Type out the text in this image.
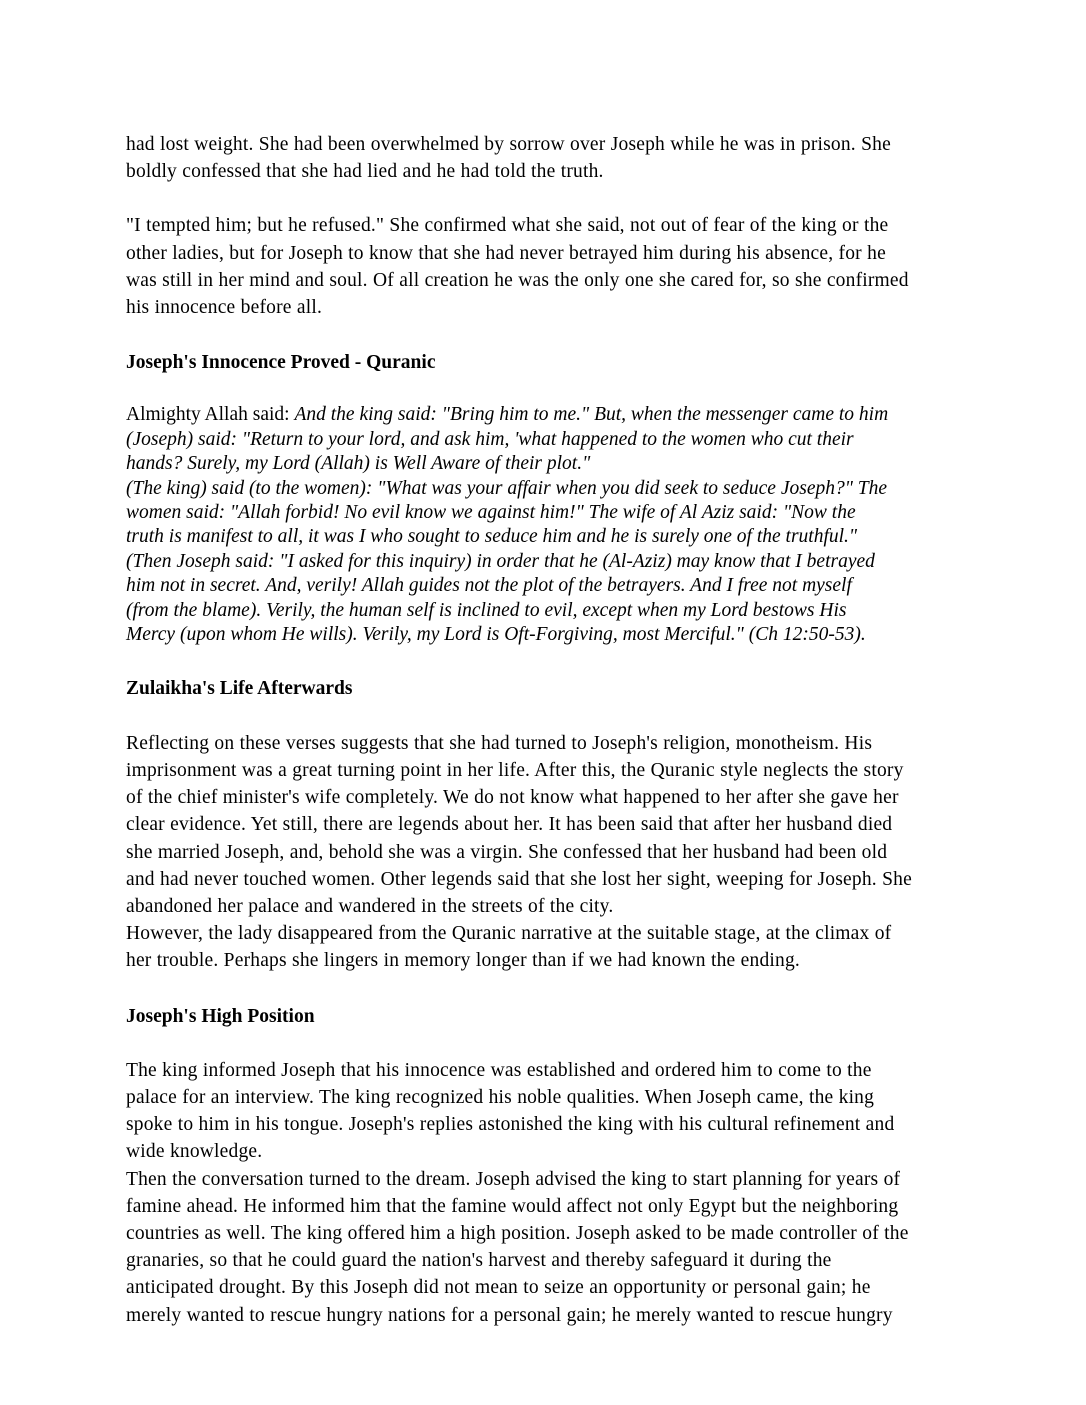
had lost weight. She had been overwhelmed by sorrow over Joseph while he was in prison. She
boldly confessed that she had lied and he had told the truth.
"I tempted him; but he refused." She confirmed what she said, not out of fear of the king or the
other ladies, but for Joseph to know that she had never betrayed him during his absence, for he
was still in her mind and soul. Of all creation he was the only one she cared for, so she confirmed
his innocence before all.
Joseph's Innocence Proved - Quranic
Almighty Allah said: And the king said: "Bring him to me." But, when the messenger came to him
(Joseph) said: "Return to your lord, and ask him, 'what happened to the women who cut their
hands? Surely, my Lord (Allah) is Well Aware of their plot."
(The king) said (to the women): "What was your affair when you did seek to seduce Joseph?" The
women said: "Allah forbid! No evil know we against him!" The wife of Al Aziz said: "Now the
truth is manifest to all, it was I who sought to seduce him and he is surely one of the truthful."
(Then Joseph said: "I asked for this inquiry) in order that he (Al-Aziz) may know that I betrayed
him not in secret. And, verily! Allah guides not the plot of the betrayers. And I free not myself
(from the blame). Verily, the human self is inclined to evil, except when my Lord bestows His
Mercy (upon whom He wills). Verily, my Lord is Oft-Forgiving, most Merciful." (Ch 12:50-53).
Zulaikha's Life Afterwards
Reflecting on these verses suggests that she had turned to Joseph's religion, monotheism. His
imprisonment was a great turning point in her life. After this, the Quranic style neglects the story
of the chief minister's wife completely. We do not know what happened to her after she gave her
clear evidence. Yet still, there are legends about her. It has been said that after her husband died
she married Joseph, and, behold she was a virgin. She confessed that her husband had been old
and had never touched women. Other legends said that she lost her sight, weeping for Joseph. She
abandoned her palace and wandered in the streets of the city.
However, the lady disappeared from the Quranic narrative at the suitable stage, at the climax of
her trouble. Perhaps she lingers in memory longer than if we had known the ending.
Joseph's High Position
The king informed Joseph that his innocence was established and ordered him to come to the
palace for an interview. The king recognized his noble qualities. When Joseph came, the king
spoke to him in his tongue. Joseph's replies astonished the king with his cultural refinement and
wide knowledge.
Then the conversation turned to the dream. Joseph advised the king to start planning for years of
famine ahead. He informed him that the famine would affect not only Egypt but the neighboring
countries as well. The king offered him a high position. Joseph asked to be made controller of the
granaries, so that he could guard the nation's harvest and thereby safeguard it during the
anticipated drought. By this Joseph did not mean to seize an opportunity or personal gain; he
merely wanted to rescue hungry nations for a personal gain; he merely wanted to rescue hungry
